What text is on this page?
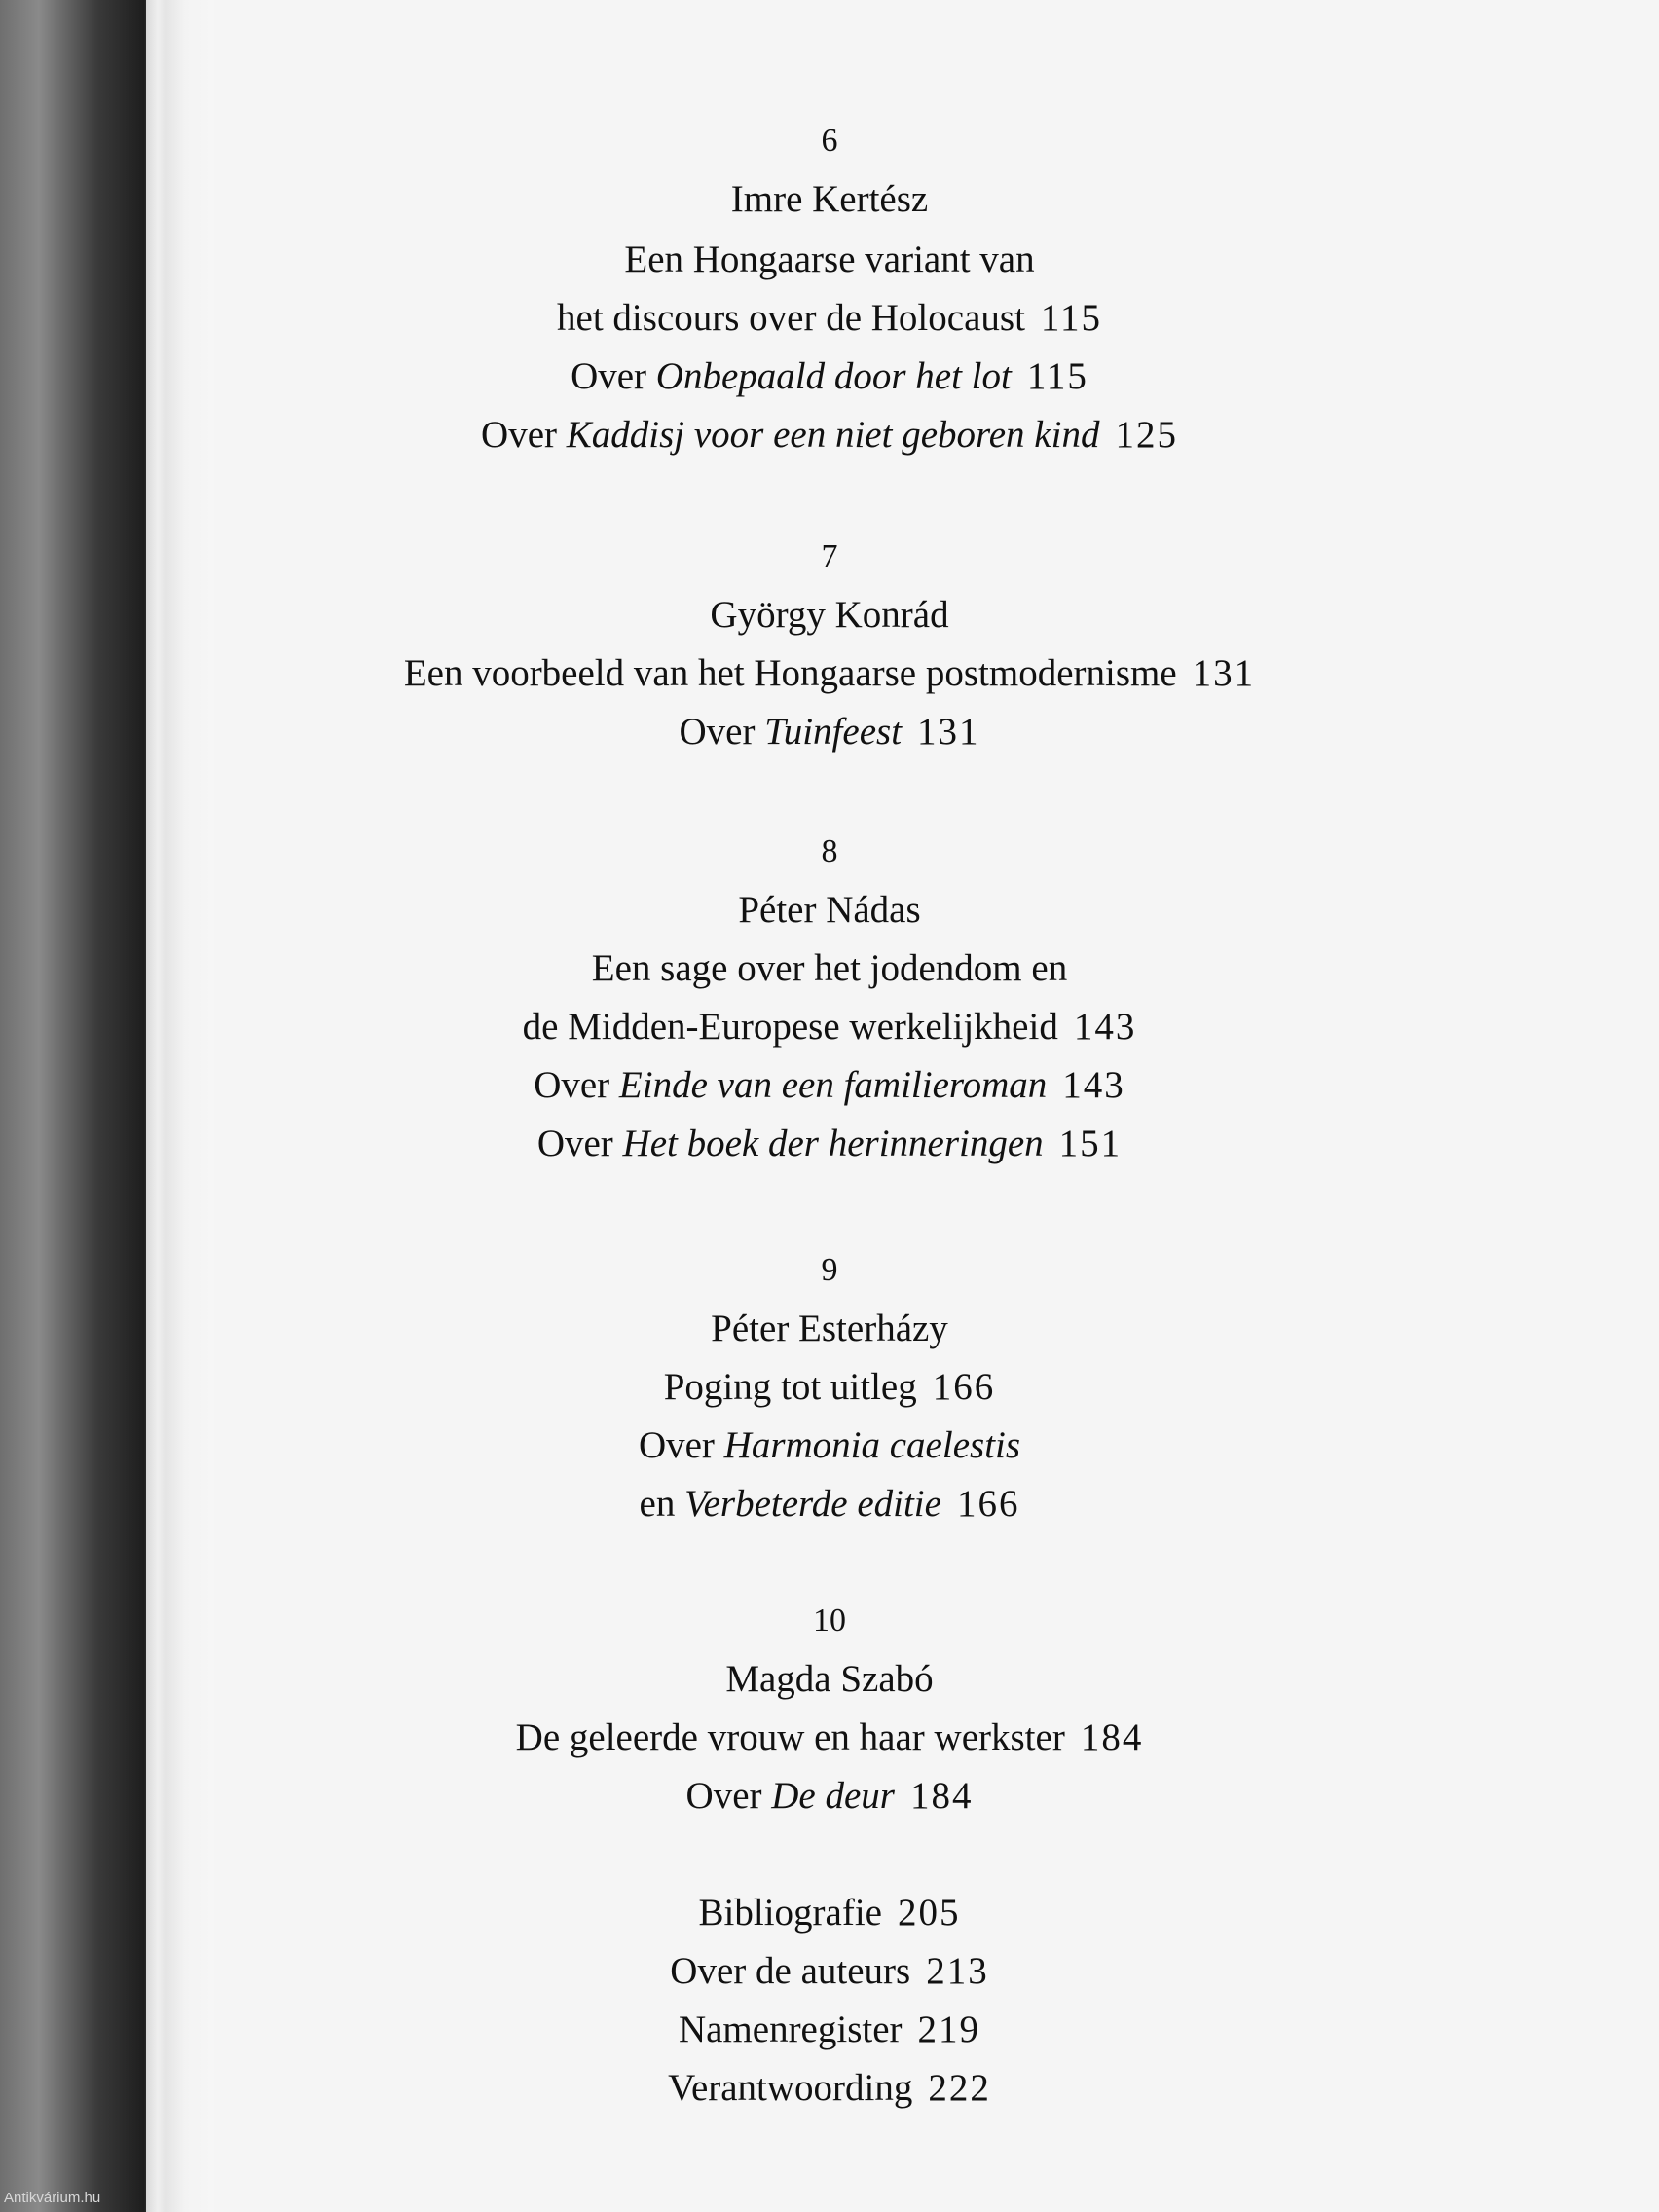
6
Imre Kertész
Een Hongaarse variant van
het discours over de Holocaust 115
Over Onbepaald door het lot 115
Over Kaddisj voor een niet geboren kind 125
7
György Konrád
Een voorbeeld van het Hongaarse postmodernisme 131
Over Tuinfeest 131
8
Péter Nádas
Een sage over het jodendom en
de Midden-Europese werkelijkheid 143
Over Einde van een familieroman 143
Over Het boek der herinneringen 151
9
Péter Esterházy
Poging tot uitleg 166
Over Harmonia caelestis
en Verbeterde editie 166
10
Magda Szabó
De geleerde vrouw en haar werkster 184
Over De deur 184
Bibliografie 205
Over de auteurs 213
Namenregister 219
Verantwoording 222
Antikvárium.hu
